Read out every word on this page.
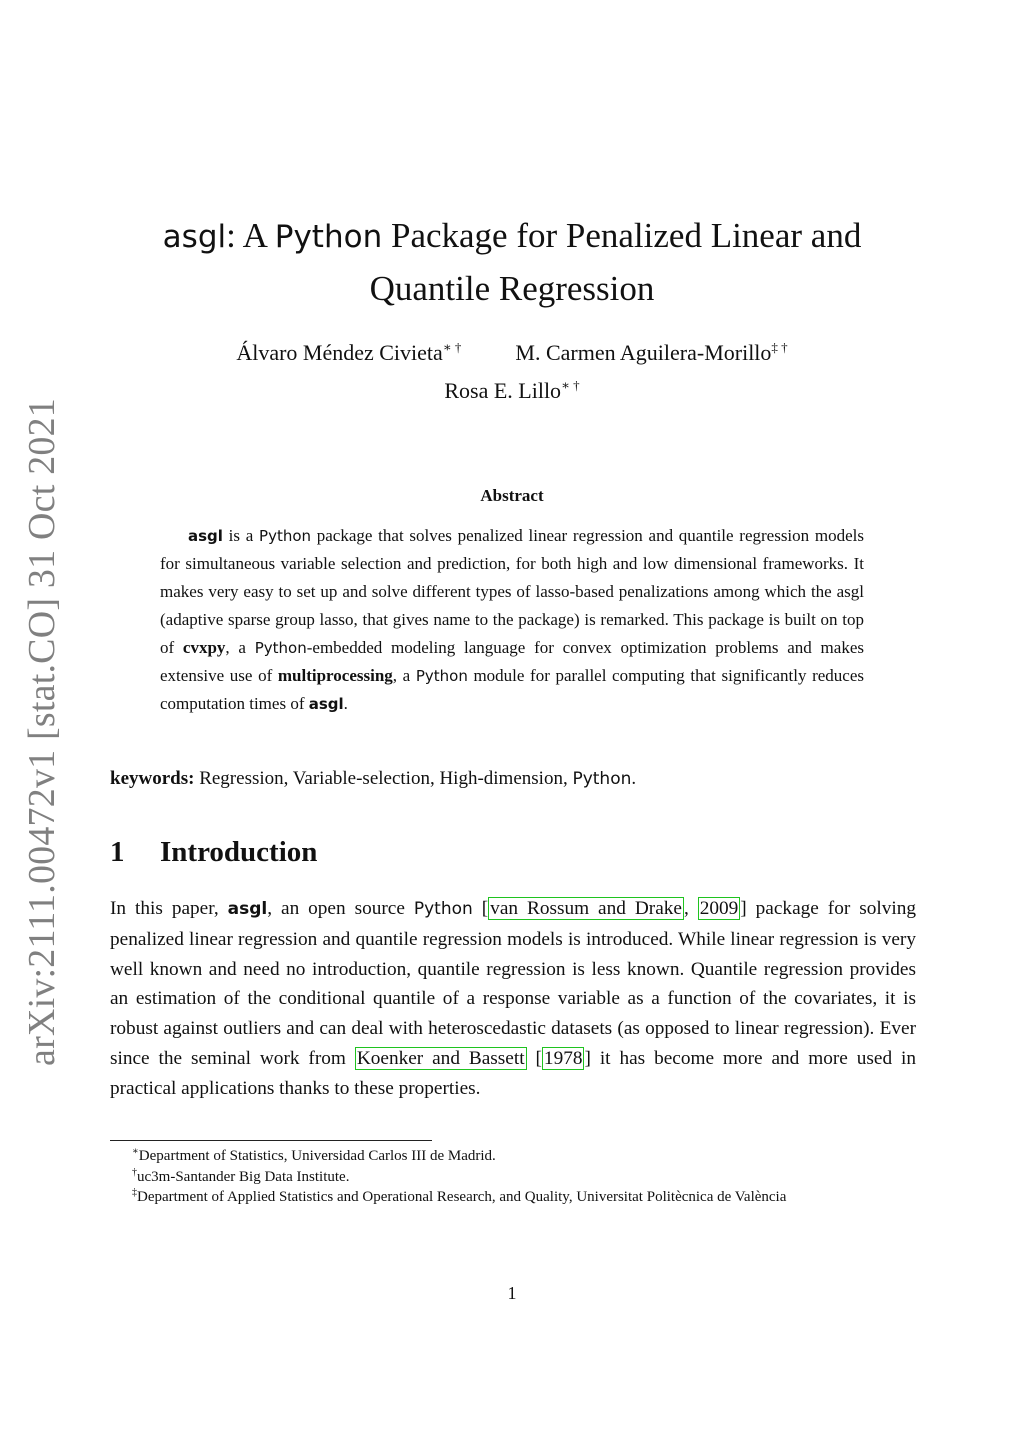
arXiv:2111.00472v1 [stat.CO] 31 Oct 2021
asgl: A Python Package for Penalized Linear and
Quantile Regression
Álvaro Méndez Civieta∗ † M. Carmen Aguilera-Morillo‡ †
Rosa E. Lillo∗ †
Abstract

asgl is a Python package that solves penalized linear regression and quantile regression models for simultaneous variable selection and prediction, for both high and low dimensional frameworks. It makes very easy to set up and solve different types of lasso-based penalizations among which the asgl (adaptive sparse group lasso, that gives name to the package) is remarked. This package is built on top of cvxpy, a Python-embedded modeling language for convex optimization problems and makes extensive use of multiprocessing, a Python module for parallel computing that significantly reduces computation times of asgl.

keywords: Regression, Variable-selection, High-dimension, Python.
1 Introduction

In this paper, asgl, an open source Python [ van Rossum and Drake , 2009 ] package for solving penalized linear regression and quantile regression models is introduced. While linear regression is very well known and need no introduction, quantile regression is less known. Quantile regression provides an estimation of the conditional quantile of a response variable as a function of the covariates, it is robust against outliers and can deal with heteroscedastic datasets (as opposed to linear regression). Ever since the seminal work from Koenker and Bassett [ 1978 ] it has become more and more used in practical applications thanks to these properties.

∗Department of Statistics, Universidad Carlos III de Madrid.

†uc3m-Santander Big Data Institute.

‡Department of Applied Statistics and Operational Research, and Quality, Universitat Politècnica de València

1
